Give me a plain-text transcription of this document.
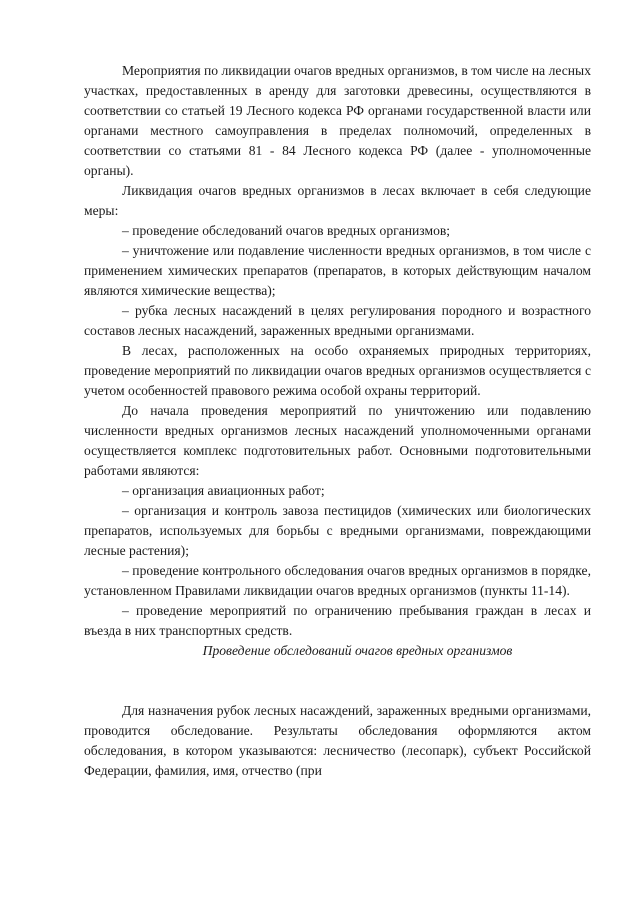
Мероприятия по ликвидации очагов вредных организмов, в том числе на лесных участках, предоставленных в аренду для заготовки древесины, осуществляются в соответствии со статьей 19 Лесного кодекса РФ органами государственной власти или органами местного самоуправления в пределах полномочий, определенных в соответствии со статьями 81 - 84 Лесного кодекса РФ (далее - уполномоченные органы).

Ликвидация очагов вредных организмов в лесах включает в себя следующие меры:

– проведение обследований очагов вредных организмов;

– уничтожение или подавление численности вредных организмов, в том числе с применением химических препаратов (препаратов, в которых действующим началом являются химические вещества);

– рубка лесных насаждений в целях регулирования породного и возрастного составов лесных насаждений, зараженных вредными организмами.

В лесах, расположенных на особо охраняемых природных территориях, проведение мероприятий по ликвидации очагов вредных организмов осуществляется с учетом особенностей правового режима особой охраны территорий.

До начала проведения мероприятий по уничтожению или подавлению численности вредных организмов лесных насаждений уполномоченными органами осуществляется комплекс подготовительных работ. Основными подготовительными работами являются:

– организация авиационных работ;

– организация и контроль завоза пестицидов (химических или биологических препаратов, используемых для борьбы с вредными организмами, повреждающими лесные растения);

– проведение контрольного обследования очагов вредных организмов в порядке, установленном Правилами ликвидации очагов вредных организмов (пункты 11-14).

– проведение мероприятий по ограничению пребывания граждан в лесах и въезда в них транспортных средств.

Проведение обследований очагов вредных организмов

Для назначения рубок лесных насаждений, зараженных вредными организмами, проводится обследование. Результаты обследования оформляются актом обследования, в котором указываются: лесничество (лесопарк), субъект Российской Федерации, фамилия, имя, отчество (при
